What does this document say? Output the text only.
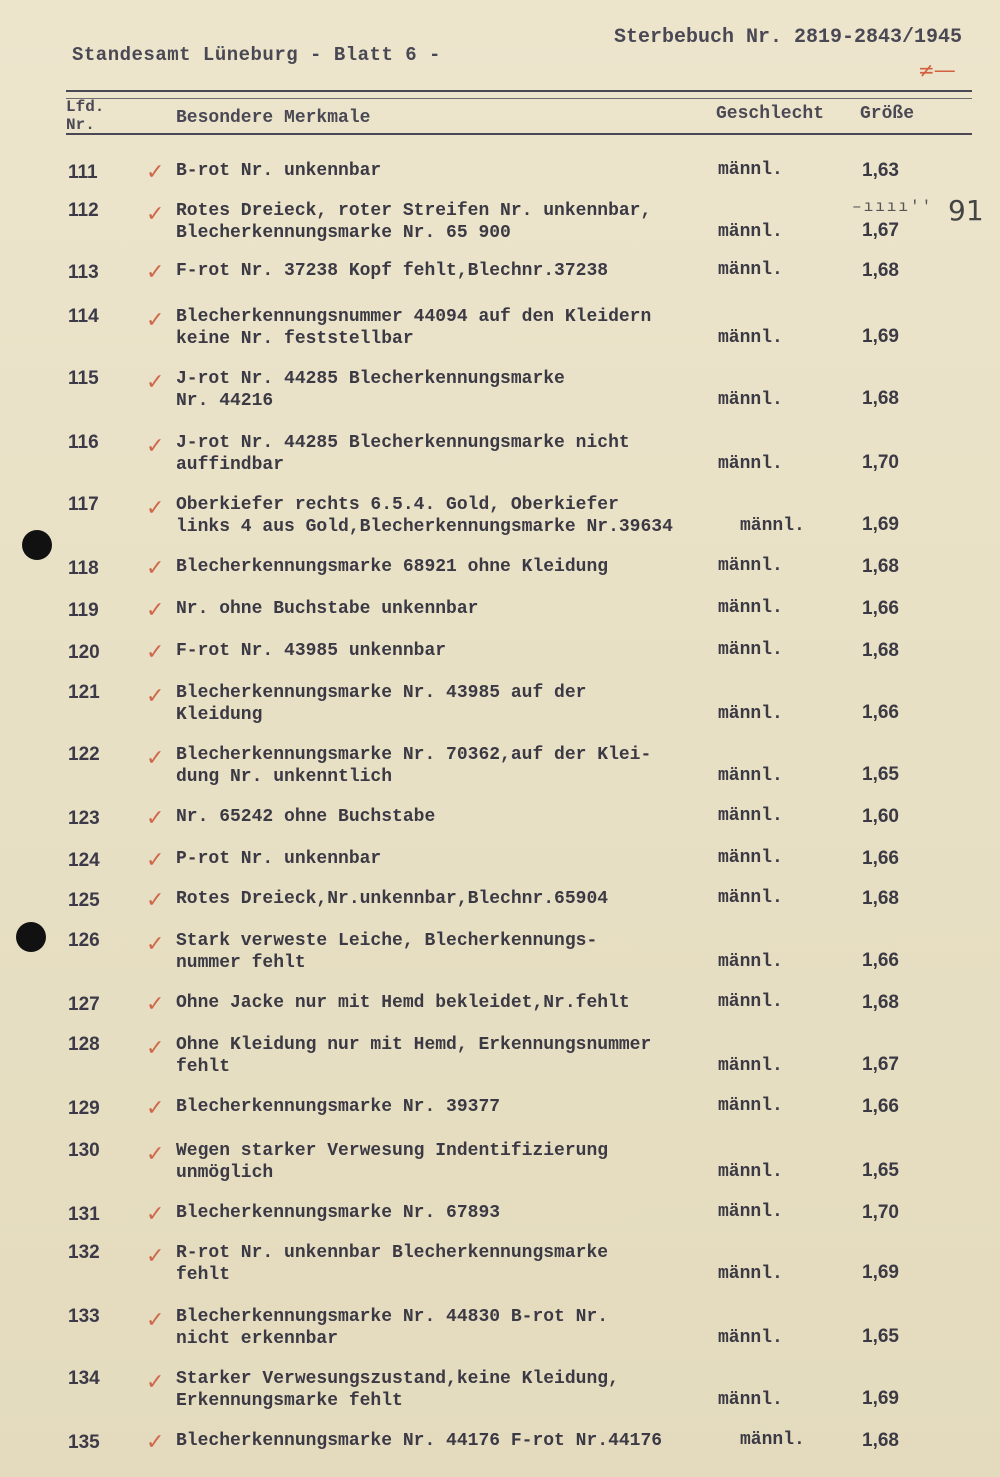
Standesamt Lüneburg - Blatt 6 -
Sterbebuch Nr. 2819-2843/1945
≠―
Lfd. Nr.	Besondere Merkmale	Geschlecht Größe
–ıııı'' 91
111 ✓ B-rot Nr. unkennbar	männl.	1,63
112 ✓ Rotes Dreieck, roter Streifen Nr. unkennbar,
Blecherkennungsmarke Nr. 65 900	männl.	1,67
113 ✓ F-rot Nr. 37238 Kopf fehlt,Blechnr.37238	männl.	1,68
114 ✓ Blecherkennungsnummer 44094 auf den Kleidern
keine Nr. feststellbar	männl.	1,69
115 ✓ J-rot Nr. 44285 Blecherkennungsmarke
Nr. 44216	männl.	1,68
116 ✓ J-rot Nr. 44285 Blecherkennungsmarke nicht
auffindbar	männl.	1,70
117 ✓ Oberkiefer rechts 6.5.4. Gold, Oberkiefer
links 4 aus Gold,Blecherkennungsmarke Nr.39634	männl.	1,69
118 ✓ Blecherkennungsmarke 68921 ohne Kleidung	männl.	1,68
119 ✓ Nr. ohne Buchstabe unkennbar	männl.	1,66
120 ✓ F-rot Nr. 43985 unkennbar	männl.	1,68
121 ✓ Blecherkennungsmarke Nr. 43985 auf der
Kleidung	männl.	1,66
122 ✓ Blecherkennungsmarke Nr. 70362,auf der Klei-
dung Nr. unkenntlich	männl.	1,65
123 ✓ Nr. 65242 ohne Buchstabe	männl.	1,60
124 ✓ P-rot Nr. unkennbar	männl.	1,66
125 ✓ Rotes Dreieck,Nr.unkennbar,Blechnr.65904	männl.	1,68
126 ✓ Stark verweste Leiche, Blecherkennungs-
nummer fehlt	männl.	1,66
127 ✓ Ohne Jacke nur mit Hemd bekleidet,Nr.fehlt	männl.	1,68
128 ✓ Ohne Kleidung nur mit Hemd, Erkennungsnummer
fehlt	männl.	1,67
129 ✓ Blecherkennungsmarke Nr. 39377	männl.	1,66
130 ✓ Wegen starker Verwesung Indentifizierung
unmöglich	männl.	1,65
131 ✓ Blecherkennungsmarke Nr. 67893	männl.	1,70
132 ✓ R-rot Nr. unkennbar Blecherkennungsmarke
fehlt	männl.	1,69
133 ✓ Blecherkennungsmarke Nr. 44830 B-rot Nr.
nicht erkennbar	männl.	1,65
134 ✓ Starker Verwesungszustand,keine Kleidung,
Erkennungsmarke fehlt	männl.	1,69
135 ✓ Blecherkennungsmarke Nr. 44176 F-rot Nr.44176	männl.	1,68
